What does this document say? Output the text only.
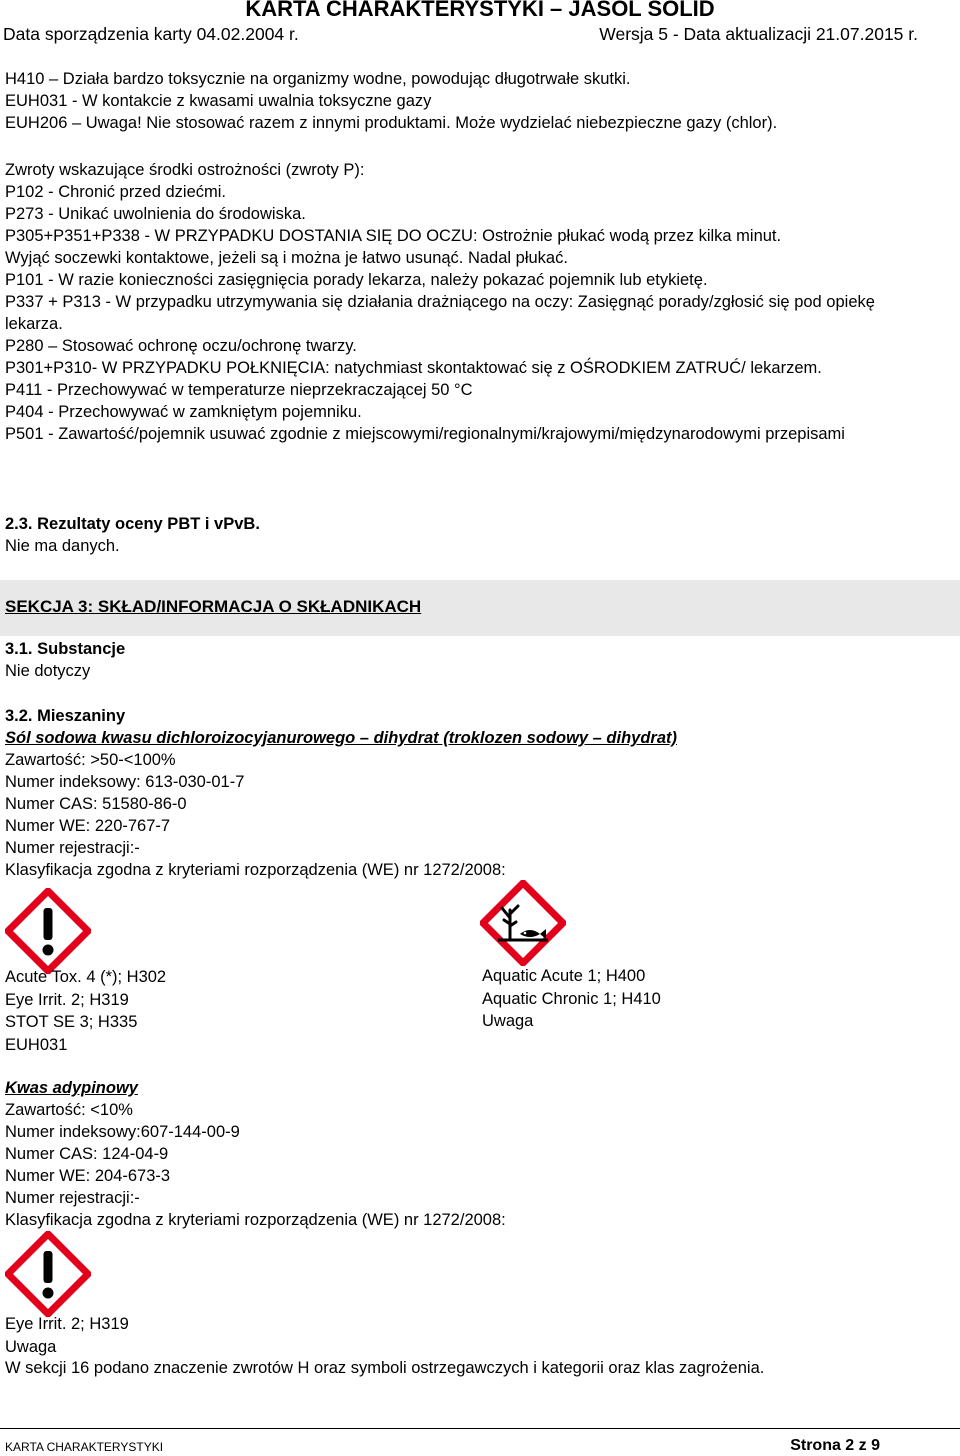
KARTA CHARAKTERYSTYKI – JASOL SOLID
Data sporządzenia karty 04.02.2004 r.	Wersja 5 - Data aktualizacji 21.07.2015 r.

H410 – Działa bardzo toksycznie na organizmy wodne, powodując długotrwałe skutki.

EUH031 - W kontakcie z kwasami uwalnia toksyczne gazy

EUH206 – Uwaga! Nie stosować razem z innymi produktami. Może wydzielać niebezpieczne gazy (chlor).

Zwroty wskazujące środki ostrożności (zwroty P):

P102 - Chronić przed dziećmi.

P273 - Unikać uwolnienia do środowiska.

P305+P351+P338 - W PRZYPADKU DOSTANIA SIĘ DO OCZU: Ostrożnie płukać wodą przez kilka minut.

Wyjąć soczewki kontaktowe, jeżeli są i można je łatwo usunąć. Nadal płukać.

P101 - W razie konieczności zasięgnięcia porady lekarza, należy pokazać pojemnik lub etykietę.

P337 + P313 - W przypadku utrzymywania się działania drażniącego na oczy: Zasięgnąć porady/zgłosić się pod opiekę lekarza.

P280 – Stosować ochronę oczu/ochronę twarzy.

P301+P310- W PRZYPADKU POŁKNIĘCIA: natychmiast skontaktować się z OŚRODKIEM ZATRUĆ/ lekarzem.

P411 - Przechowywać w temperaturze nieprzekraczającej 50 °C

P404 - Przechowywać w zamkniętym pojemniku.

P501 - Zawartość/pojemnik usuwać zgodnie z miejscowymi/regionalnymi/krajowymi/międzynarodowymi przepisami

2.3. Rezultaty oceny PBT i vPvB.

Nie ma danych.

SEKCJA 3: SKŁAD/INFORMACJA O SKŁADNIKACH

3.1. Substancje

Nie dotyczy

3.2. Mieszaniny

Sól sodowa kwasu dichloroizocyjanurowego – dihydrat (troklozen sodowy – dihydrat)

Zawartość: >50-<100%

Numer indeksowy: 613-030-01-7

Numer CAS: 51580-86-0

Numer WE: 220-767-7

Numer rejestracji:-

Klasyfikacja zgodna z kryteriami rozporządzenia (WE) nr 1272/2008:

Acute Tox. 4 (*); H302

Eye Irrit. 2; H319

STOT SE 3; H335

EUH031

Aquatic Acute 1; H400

Aquatic Chronic 1; H410

Uwaga

Kwas adypinowy

Zawartość: <10%

Numer indeksowy:607-144-00-9

Numer CAS: 124-04-9

Numer WE: 204-673-3

Numer rejestracji:-

Klasyfikacja zgodna z kryteriami rozporządzenia (WE) nr 1272/2008:

Eye Irrit. 2; H319

Uwaga

W sekcji 16 podano znaczenie zwrotów H oraz symboli ostrzegawczych i kategorii oraz klas zagrożenia.

KARTA CHARAKTERYSTYKI	Strona 2 z 9
